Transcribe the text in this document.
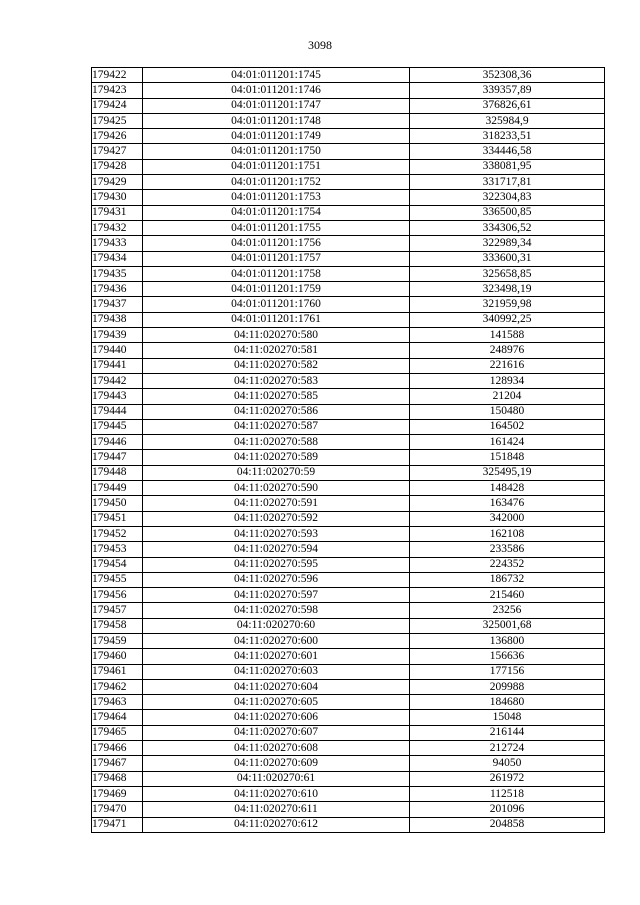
3098
179422	04:01:011201:1745	352308,36
179423	04:01:011201:1746	339357,89
179424	04:01:011201:1747	376826,61
179425	04:01:011201:1748	325984,9
179426	04:01:011201:1749	318233,51
179427	04:01:011201:1750	334446,58
179428	04:01:011201:1751	338081,95
179429	04:01:011201:1752	331717,81
179430	04:01:011201:1753	322304,83
179431	04:01:011201:1754	336500,85
179432	04:01:011201:1755	334306,52
179433	04:01:011201:1756	322989,34
179434	04:01:011201:1757	333600,31
179435	04:01:011201:1758	325658,85
179436	04:01:011201:1759	323498,19
179437	04:01:011201:1760	321959,98
179438	04:01:011201:1761	340992,25
179439	04:11:020270:580	141588
179440	04:11:020270:581	248976
179441	04:11:020270:582	221616
179442	04:11:020270:583	128934
179443	04:11:020270:585	21204
179444	04:11:020270:586	150480
179445	04:11:020270:587	164502
179446	04:11:020270:588	161424
179447	04:11:020270:589	151848
179448	04:11:020270:59	325495,19
179449	04:11:020270:590	148428
179450	04:11:020270:591	163476
179451	04:11:020270:592	342000
179452	04:11:020270:593	162108
179453	04:11:020270:594	233586
179454	04:11:020270:595	224352
179455	04:11:020270:596	186732
179456	04:11:020270:597	215460
179457	04:11:020270:598	23256
179458	04:11:020270:60	325001,68
179459	04:11:020270:600	136800
179460	04:11:020270:601	156636
179461	04:11:020270:603	177156
179462	04:11:020270:604	209988
179463	04:11:020270:605	184680
179464	04:11:020270:606	15048
179465	04:11:020270:607	216144
179466	04:11:020270:608	212724
179467	04:11:020270:609	94050
179468	04:11:020270:61	261972
179469	04:11:020270:610	112518
179470	04:11:020270:611	201096
179471	04:11:020270:612	204858
